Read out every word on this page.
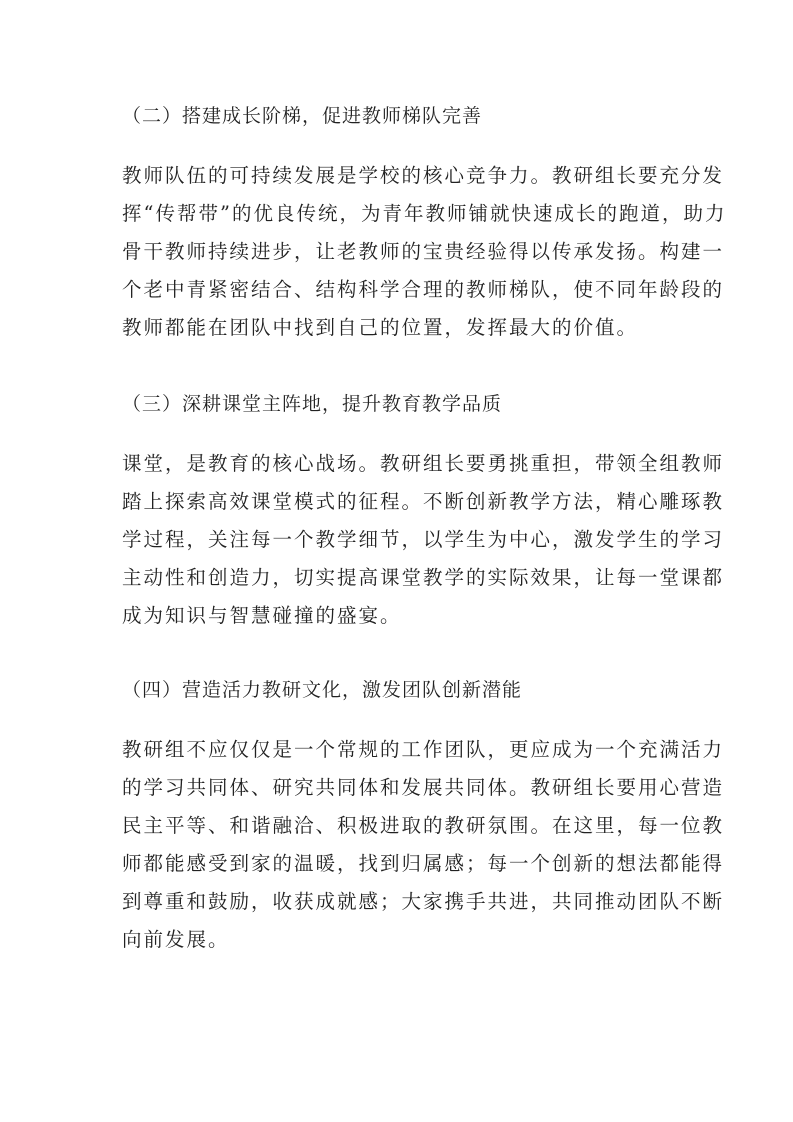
（二）搭建成长阶梯，促进教师梯队完善
教师队伍的可持续发展是学校的核心竞争力。教研组长要充分发
挥“传帮带”的优良传统，为青年教师铺就快速成长的跑道，助力
骨干教师持续进步，让老教师的宝贵经验得以传承发扬。构建一
个老中青紧密结合、结构科学合理的教师梯队，使不同年龄段的
教师都能在团队中找到自己的位置，发挥最大的价值。
（三）深耕课堂主阵地，提升教育教学品质
课堂，是教育的核心战场。教研组长要勇挑重担，带领全组教师
踏上探索高效课堂模式的征程。不断创新教学方法，精心雕琢教
学过程，关注每一个教学细节，以学生为中心，激发学生的学习
主动性和创造力，切实提高课堂教学的实际效果，让每一堂课都
成为知识与智慧碰撞的盛宴。
（四）营造活力教研文化，激发团队创新潜能
教研组不应仅仅是一个常规的工作团队，更应成为一个充满活力
的学习共同体、研究共同体和发展共同体。教研组长要用心营造
民主平等、和谐融洽、积极进取的教研氛围。在这里，每一位教
师都能感受到家的温暖，找到归属感；每一个创新的想法都能得
到尊重和鼓励，收获成就感；大家携手共进，共同推动团队不断
向前发展。
